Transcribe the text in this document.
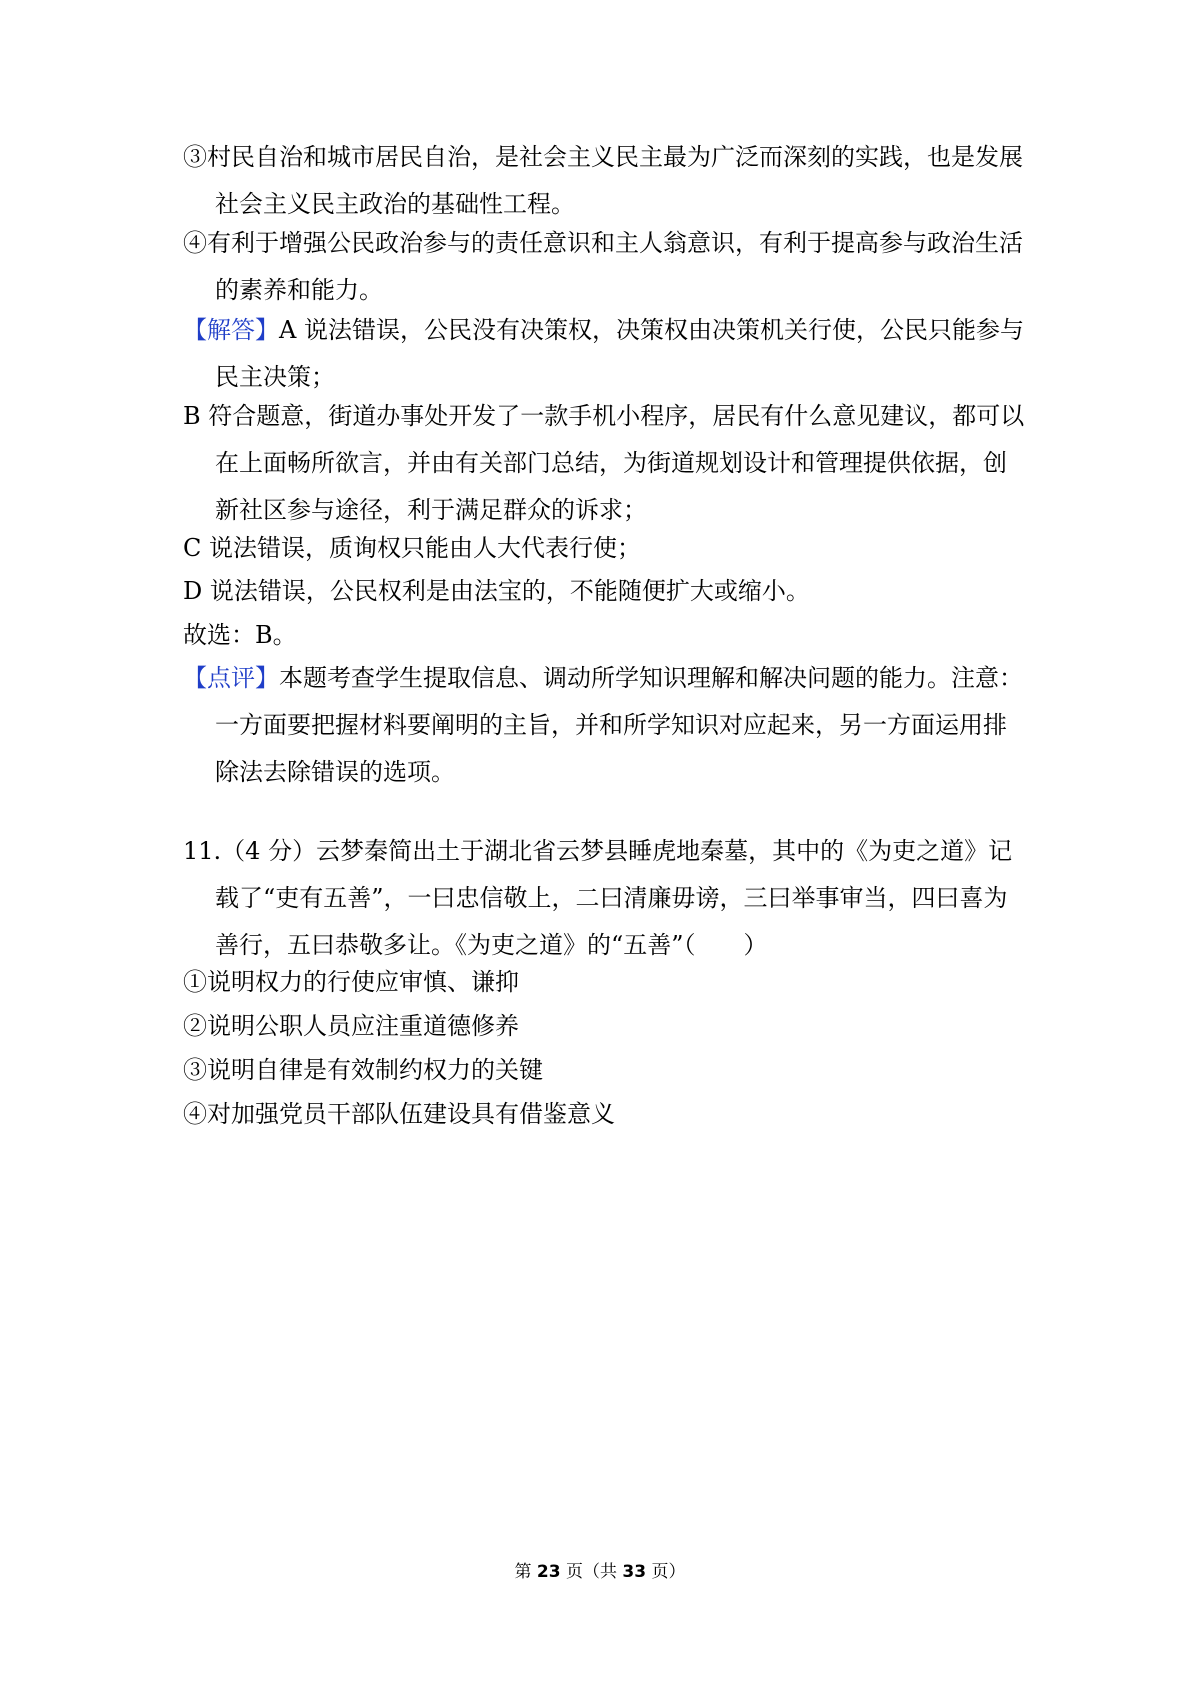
③村民自治和城市居民自治，是社会主义民主最为广泛而深刻的实践，也是发展
社会主义民主政治的基础性工程。
④有利于增强公民政治参与的责任意识和主人翁意识，有利于提高参与政治生活
的素养和能力。
【解答】A 说法错误，公民没有决策权，决策权由决策机关行使，公民只能参与
民主决策；
B 符合题意，街道办事处开发了一款手机小程序，居民有什么意见建议，都可以
在上面畅所欲言，并由有关部门总结，为街道规划设计和管理提供依据，创
新社区参与途径，利于满足群众的诉求；
C 说法错误，质询权只能由人大代表行使；
D 说法错误，公民权利是由法宝的，不能随便扩大或缩小。
故选：B。
【点评】本题考查学生提取信息、调动所学知识理解和解决问题的能力。注意：
一方面要把握材料要阐明的主旨，并和所学知识对应起来，另一方面运用排
除法去除错误的选项。
11.（4 分）云梦秦简出土于湖北省云梦县睡虎地秦墓，其中的《为吏之道》记
载了“吏有五善”，一曰忠信敬上，二曰清廉毋谤，三曰举事审当，四曰喜为
善行，五曰恭敬多让。《为吏之道》的“五善”（　　）
①说明权力的行使应审慎、谦抑
②说明公职人员应注重道德修养
③说明自律是有效制约权力的关键
④对加强党员干部队伍建设具有借鉴意义
第 23 页（共 33 页）
